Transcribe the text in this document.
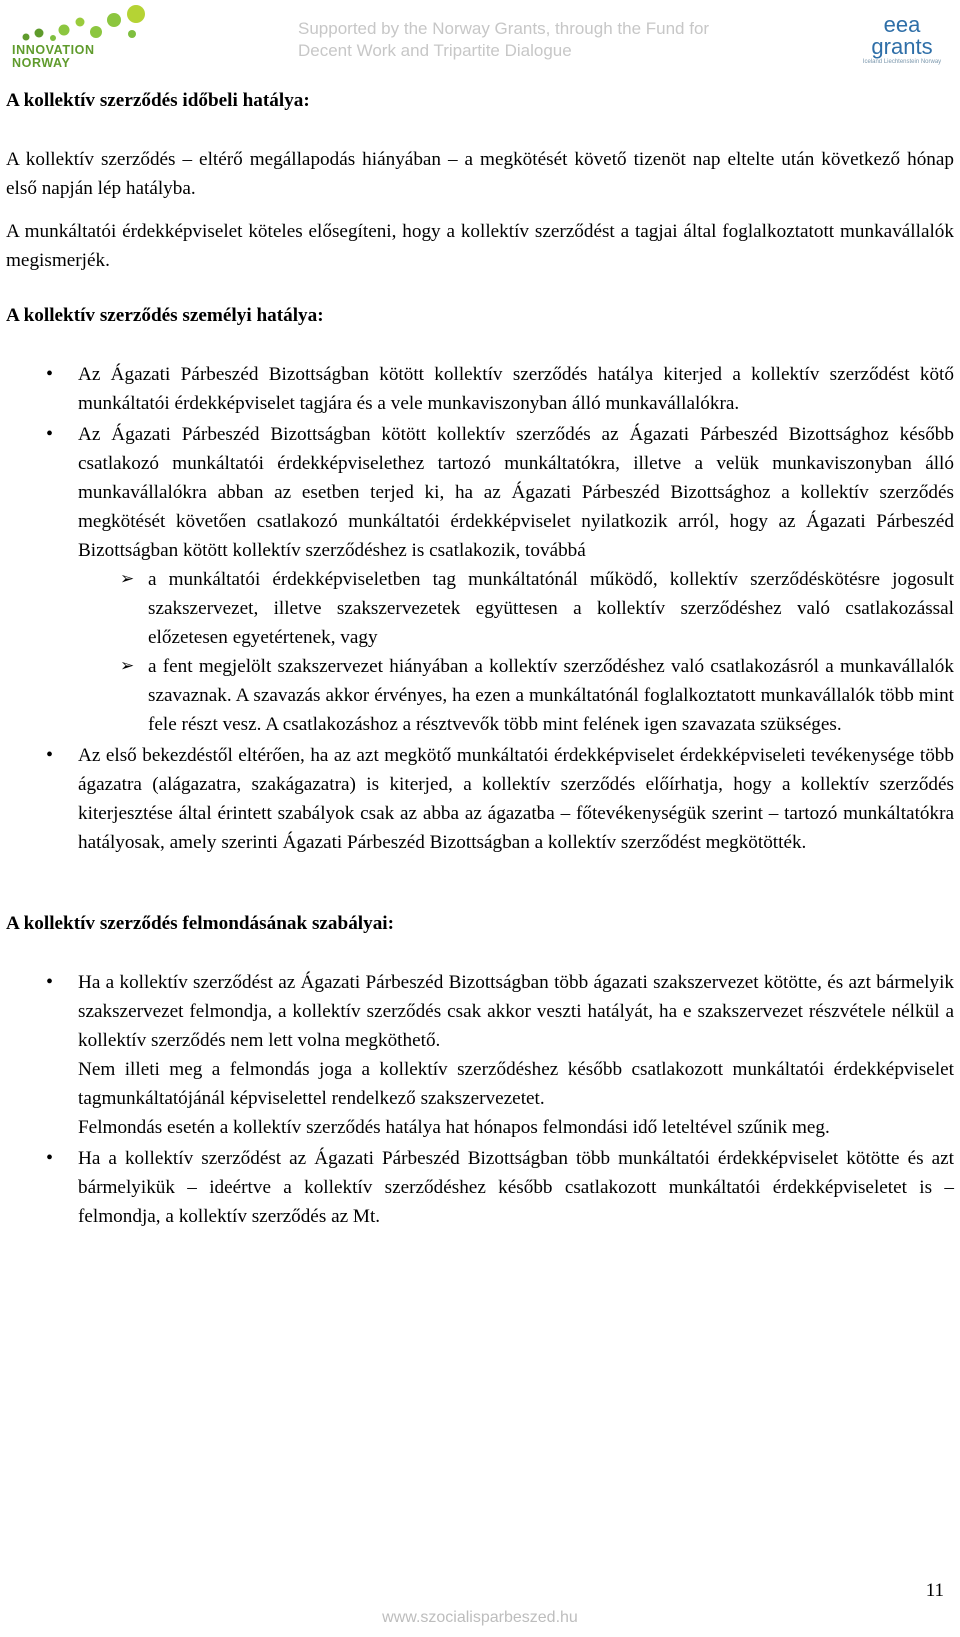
INNOVATION
NORWAY
Supported by the Norway Grants, through the Fund for
Decent Work and Tripartite Dialogue
eea
grants
Iceland Liechtenstein Norway

A kollektív szerződés időbeli hatálya:

A kollektív szerződés – eltérő megállapodás hiányában – a megkötését követő tizenöt nap eltelte után következő hónap első napján lép hatályba.

A munkáltatói érdekképviselet köteles elősegíteni, hogy a kollektív szerződést a tagjai által foglalkoztatott munkavállalók megismerjék.

A kollektív szerződés személyi hatálya:

• Az Ágazati Párbeszéd Bizottságban kötött kollektív szerződés hatálya kiterjed a kollektív szerződést kötő munkáltatói érdekképviselet tagjára és a vele munkaviszonyban álló munkavállalókra.
• Az Ágazati Párbeszéd Bizottságban kötött kollektív szerződés az Ágazati Párbeszéd Bizottsághoz később csatlakozó munkáltatói érdekképviselethez tartozó munkáltatókra, illetve a velük munkaviszonyban álló munkavállalókra abban az esetben terjed ki, ha az Ágazati Párbeszéd Bizottsághoz a kollektív szerződés megkötését követően csatlakozó munkáltatói érdekképviselet nyilatkozik arról, hogy az Ágazati Párbeszéd Bizottságban kötött kollektív szerződéshez is csatlakozik, továbbá
➢ a munkáltatói érdekképviseletben tag munkáltatónál működő, kollektív szerződéskötésre jogosult szakszervezet, illetve szakszervezetek együttesen a kollektív szerződéshez való csatlakozással előzetesen egyetértenek, vagy
➢ a fent megjelölt szakszervezet hiányában a kollektív szerződéshez való csatlakozásról a munkavállalók szavaznak. A szavazás akkor érvényes, ha ezen a munkáltatónál foglalkoztatott munkavállalók több mint fele részt vesz. A csatlakozáshoz a résztvevők több mint felének igen szavazata szükséges.
• Az első bekezdéstől eltérően, ha az azt megkötő munkáltatói érdekképviselet érdekképviseleti tevékenysége több ágazatra (alágazatra, szakágazatra) is kiterjed, a kollektív szerződés előírhatja, hogy a kollektív szerződés kiterjesztése által érintett szabályok csak az abba az ágazatba – főtevékenységük szerint – tartozó munkáltatókra hatályosak, amely szerinti Ágazati Párbeszéd Bizottságban a kollektív szerződést megkötötték.

A kollektív szerződés felmondásának szabályai:

• Ha a kollektív szerződést az Ágazati Párbeszéd Bizottságban több ágazati szakszervezet kötötte, és azt bármelyik szakszervezet felmondja, a kollektív szerződés csak akkor veszti hatályát, ha e szakszervezet részvétele nélkül a kollektív szerződés nem lett volna megköthető.
Nem illeti meg a felmondás joga a kollektív szerződéshez később csatlakozott munkáltatói érdekképviselet tagmunkáltatójánál képviselettel rendelkező szakszervezetet.
Felmondás esetén a kollektív szerződés hatálya hat hónapos felmondási idő leteltével szűnik meg.
• Ha a kollektív szerződést az Ágazati Párbeszéd Bizottságban több munkáltatói érdekképviselet kötötte és azt bármelyikük – ideértve a kollektív szerződéshez később csatlakozott munkáltatói érdekképviseletet is – felmondja, a kollektív szerződés az Mt.
11
www.szocialisparbeszed.hu
